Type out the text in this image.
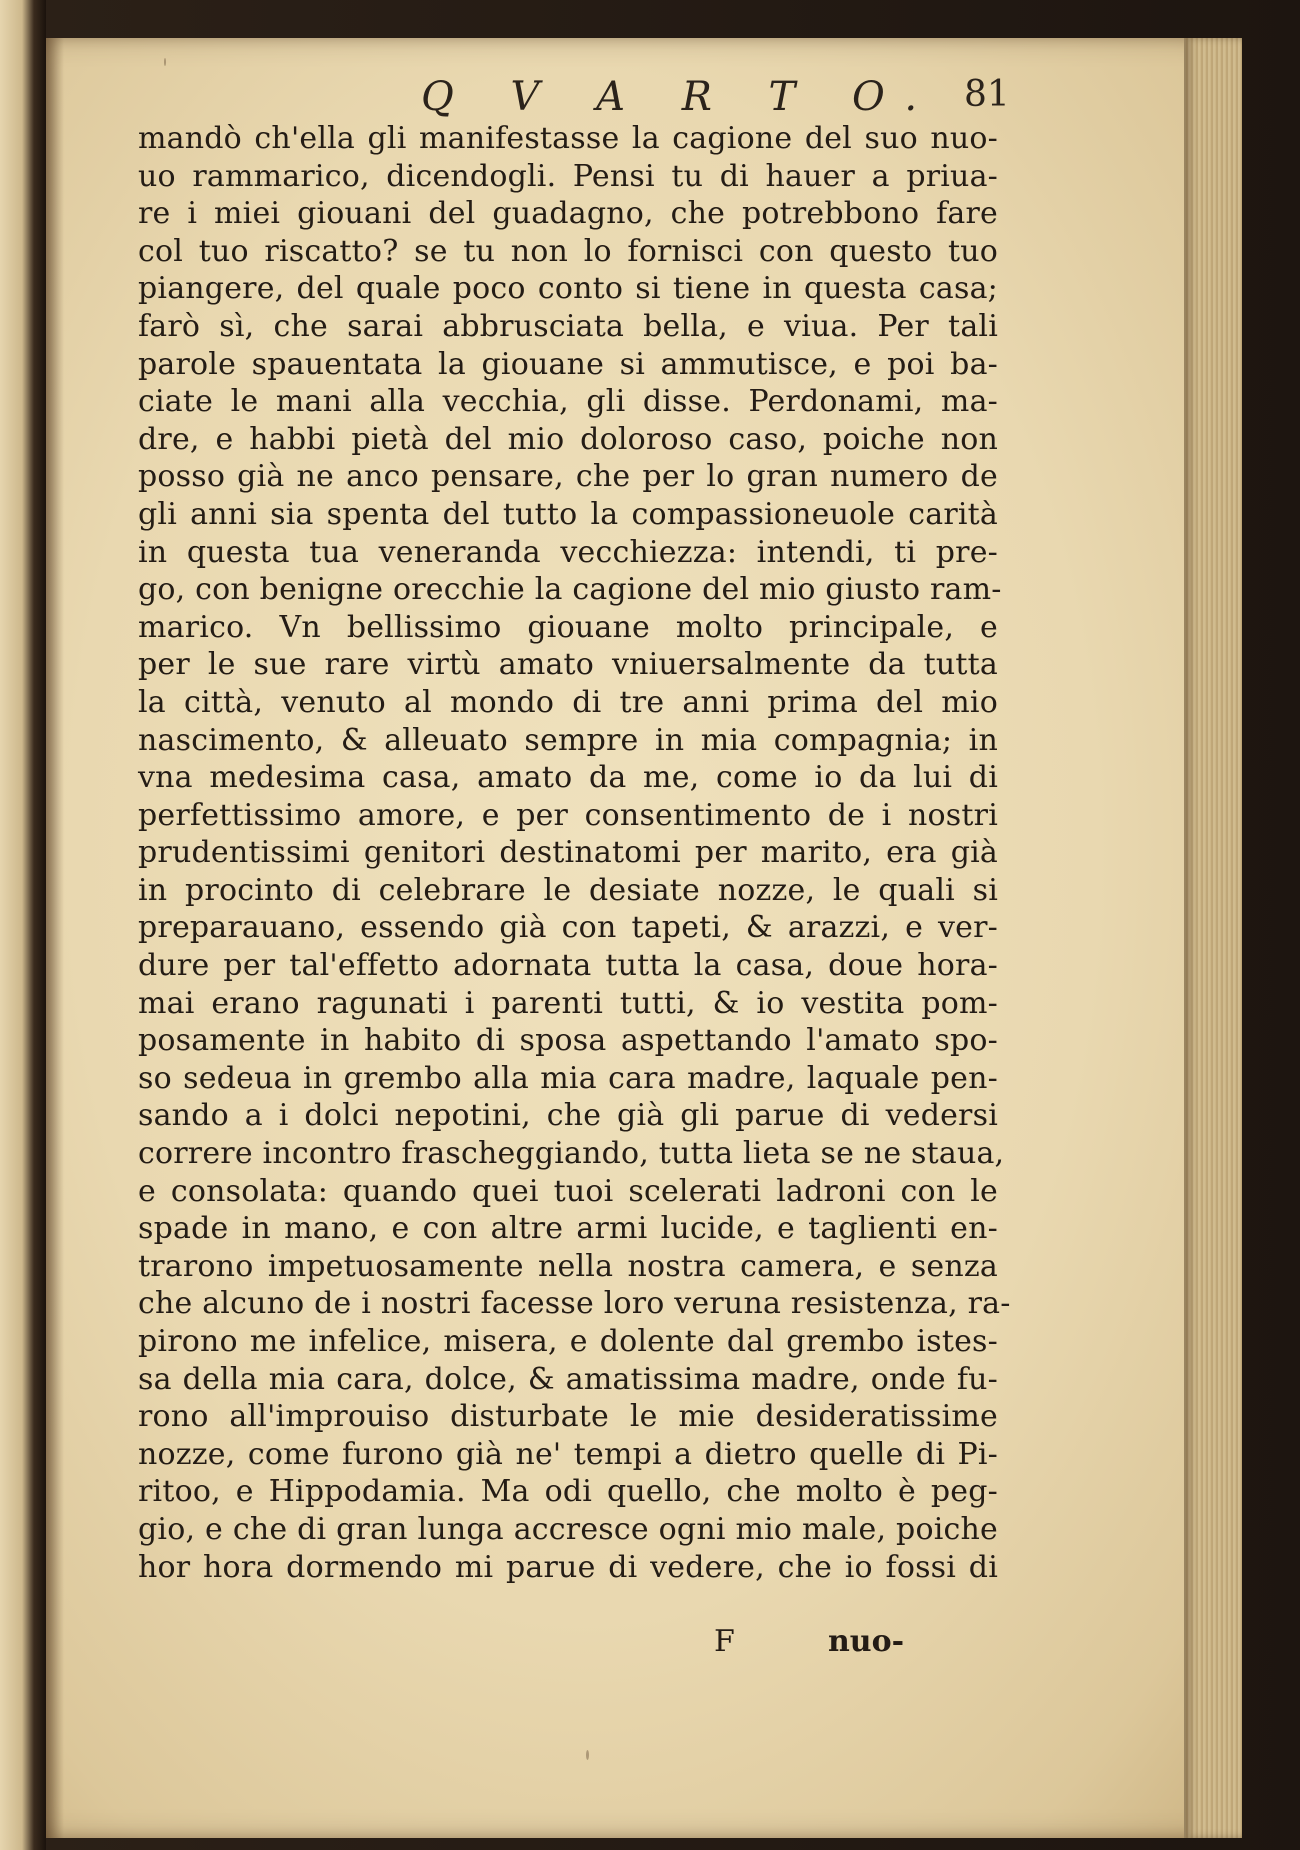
Q V A R T O. 81
mandò ch'ella gli manifestasse la cagione del suo nuo-
uo rammarico, dicendogli. Pensi tu di hauer a priua-
re i miei giouani del guadagno, che potrebbono fare
col tuo riscatto? se tu non lo fornisci con questo tuo
piangere, del quale poco conto si tiene in questa casa;
farò sì, che sarai abbrusciata bella, e viua. Per tali
parole spauentata la giouane si ammutisce, e poi ba-
ciate le mani alla vecchia, gli disse. Perdonami, ma-
dre, e habbi pietà del mio doloroso caso, poiche non
posso già ne anco pensare, che per lo gran numero de
gli anni sia spenta del tutto la compassioneuole carità
in questa tua veneranda vecchiezza: intendi, ti pre-
go, con benigne orecchie la cagione del mio giusto ram-
marico. Vn bellissimo giouane molto principale, e
per le sue rare virtù amato vniuersalmente da tutta
la città, venuto al mondo di tre anni prima del mio
nascimento, & alleuato sempre in mia compagnia; in
vna medesima casa, amato da me, come io da lui di
perfettissimo amore, e per consentimento de i nostri
prudentissimi genitori destinatomi per marito, era già
in procinto di celebrare le desiate nozze, le quali si
preparauano, essendo già con tapeti, & arazzi, e ver-
dure per tal'effetto adornata tutta la casa, doue hora-
mai erano ragunati i parenti tutti, & io vestita pom-
posamente in habito di sposa aspettando l'amato spo-
so sedeua in grembo alla mia cara madre, laquale pen-
sando a i dolci nepotini, che già gli parue di vedersi
correre incontro frascheggiando, tutta lieta se ne staua,
e consolata: quando quei tuoi scelerati ladroni con le
spade in mano, e con altre armi lucide, e taglienti en-
trarono impetuosamente nella nostra camera, e senza
che alcuno de i nostri facesse loro veruna resistenza, ra-
pirono me infelice, misera, e dolente dal grembo istes-
sa della mia cara, dolce, & amatissima madre, onde fu-
rono all'improuiso disturbate le mie desideratissime
nozze, come furono già ne' tempi a dietro quelle di Pi-
ritoo, e Hippodamia. Ma odi quello, che molto è peg-
gio, e che di gran lunga accresce ogni mio male, poiche
hor hora dormendo mi parue di vedere, che io fossi di
F	nuo-
